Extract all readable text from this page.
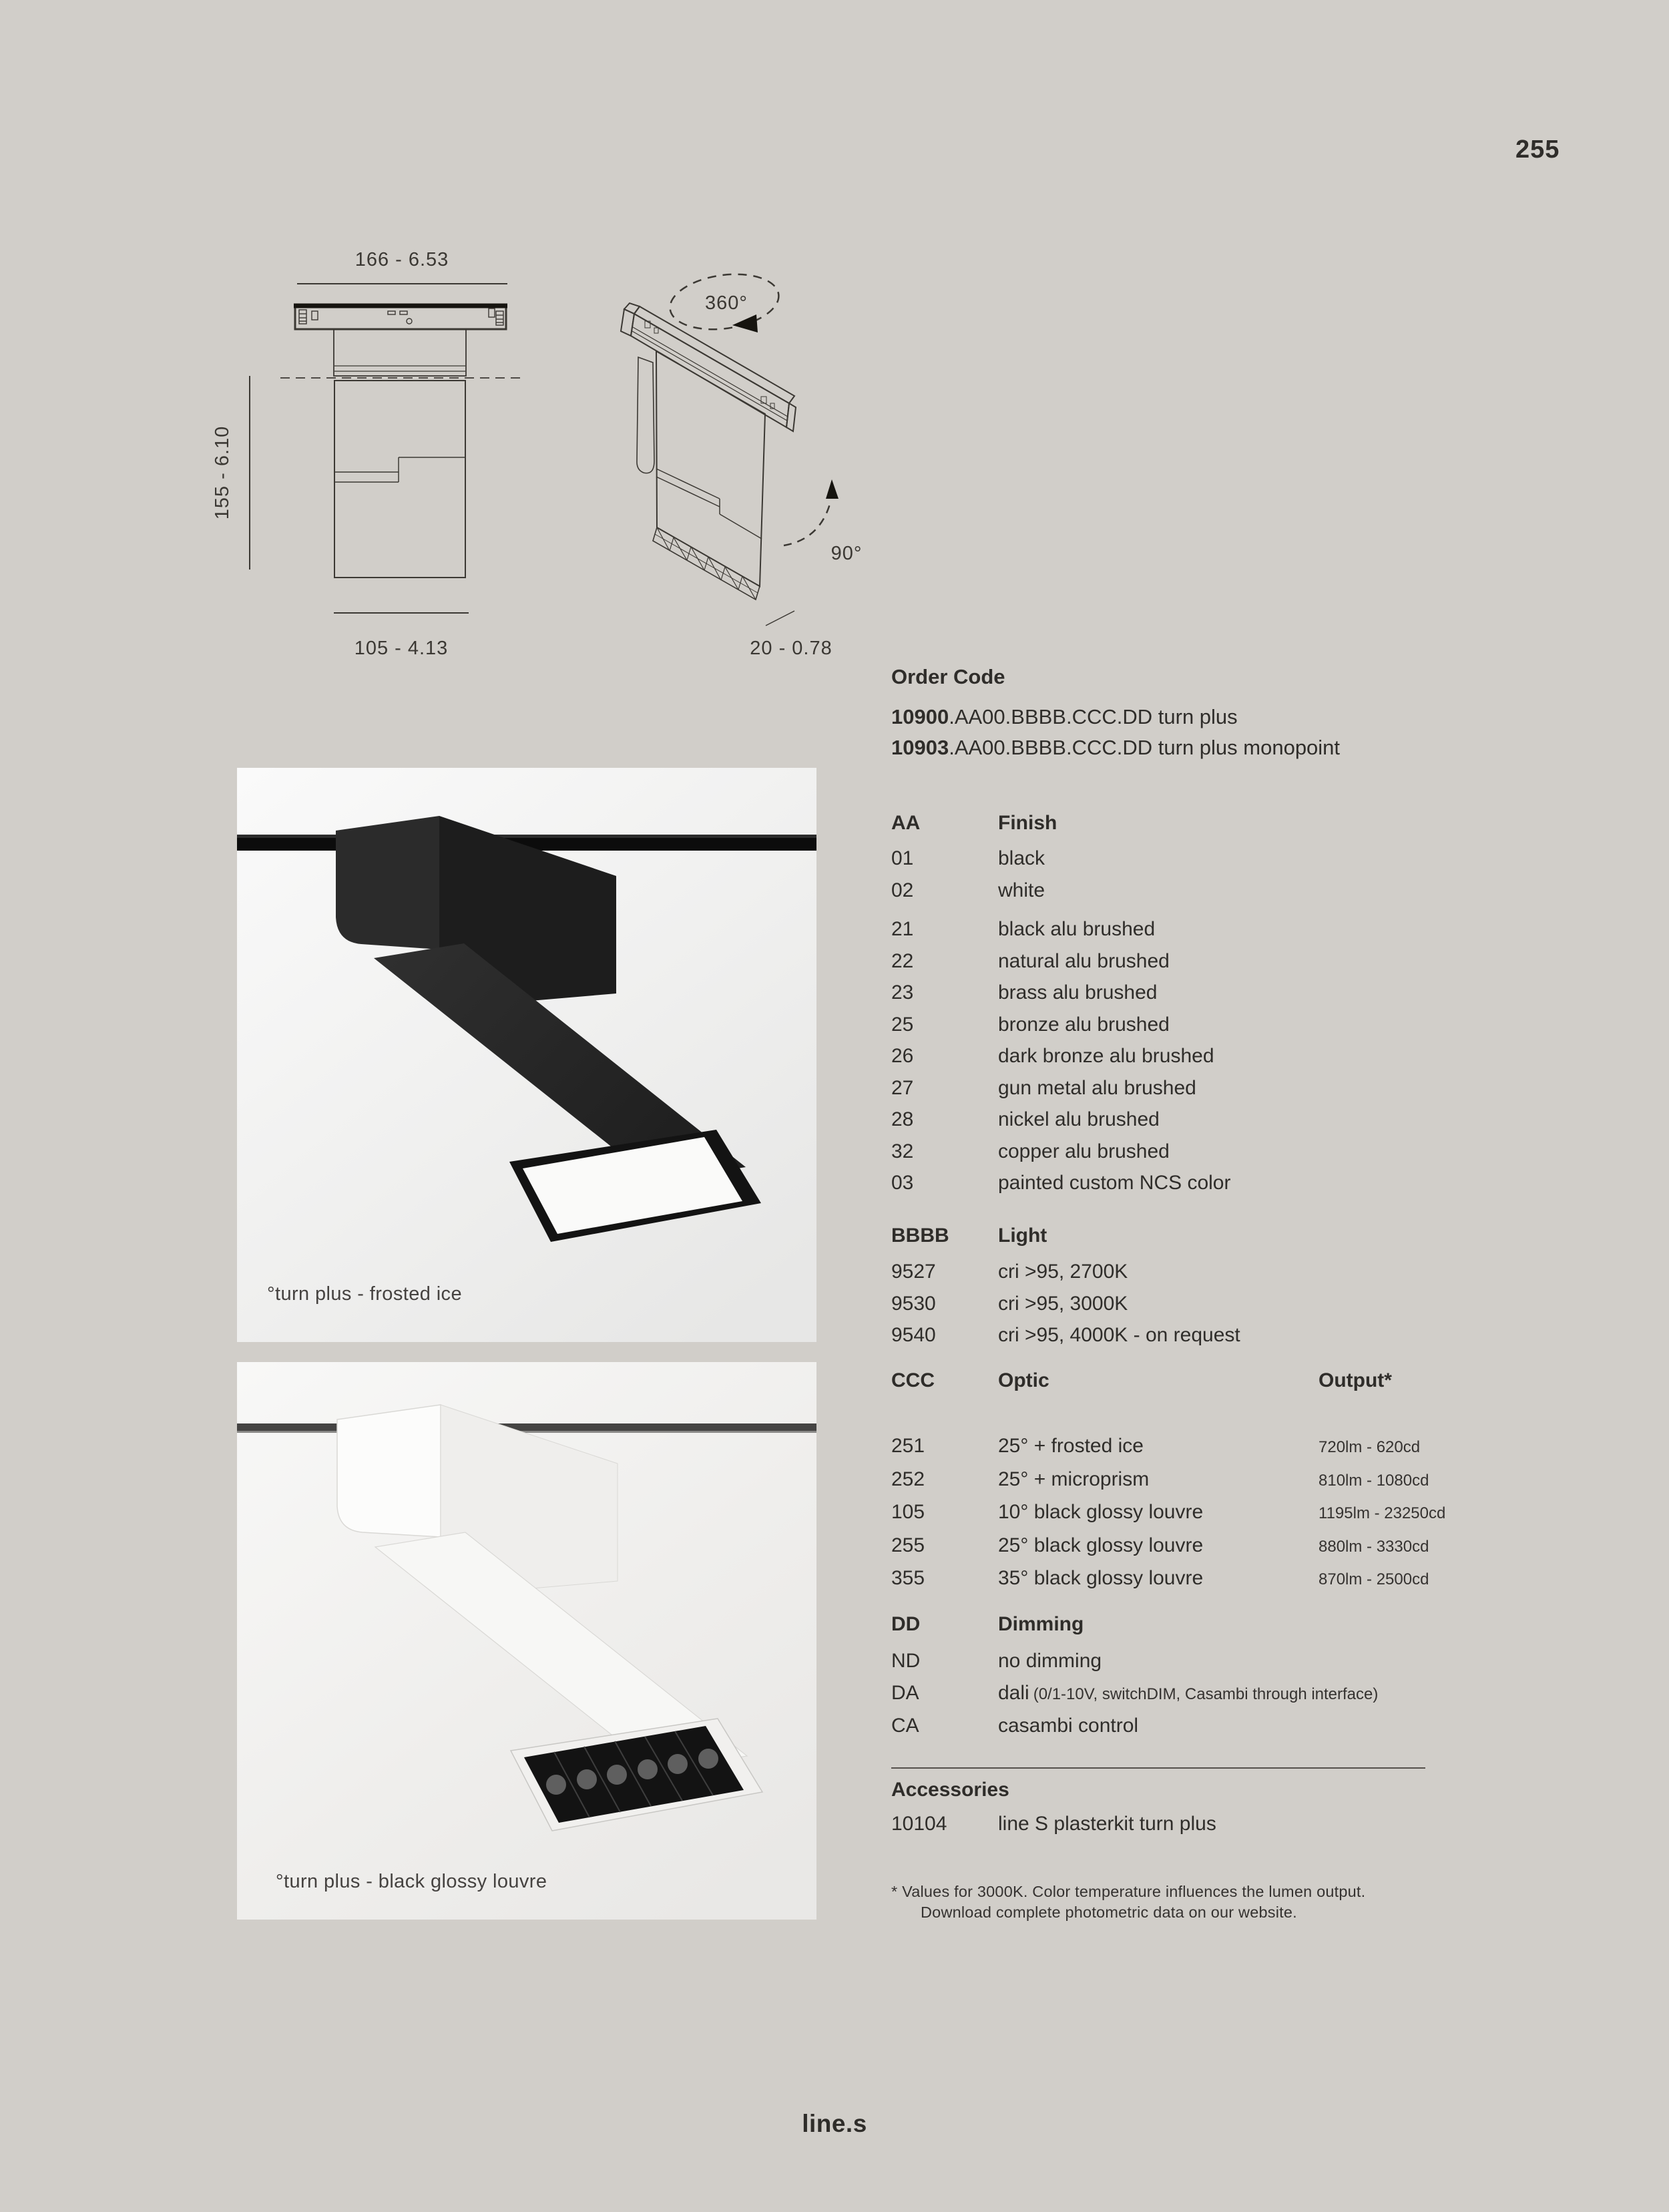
255
166 - 6.53
155 - 6.10
105 - 4.13
360°
90°
20 - 0.78
°turn plus - frosted ice
°turn plus - black glossy louvre
Order Code
10900.AA00.BBBB.CCC.DD turn plus
10903.AA00.BBBB.CCC.DD turn plus monopoint
AA	Finish
01	black
02	white
21	black alu brushed
22	natural alu brushed
23	brass alu brushed
25	bronze alu brushed
26	dark bronze alu brushed
27	gun metal alu brushed
28	nickel alu brushed
32	copper alu brushed
03	painted custom NCS color
BBBB	Light
9527	cri >95, 2700K
9530	cri >95, 3000K
9540	cri >95, 4000K - on request
CCC	Optic	Output*
251	25° + frosted ice	720lm - 620cd
252	25° + microprism	810lm - 1080cd
105	10° black glossy louvre	1195lm - 23250cd
255	25° black glossy louvre	880lm - 3330cd
355	35° black glossy louvre	870lm - 2500cd
DD	Dimming
ND	no dimming
DA	dali (0/1-10V, switchDIM, Casambi through interface)
CA	casambi control
Accessories
10104	line S plasterkit turn plus
* Values for 3000K. Color temperature influences the lumen output.
Download complete photometric data on our website.
line.s
